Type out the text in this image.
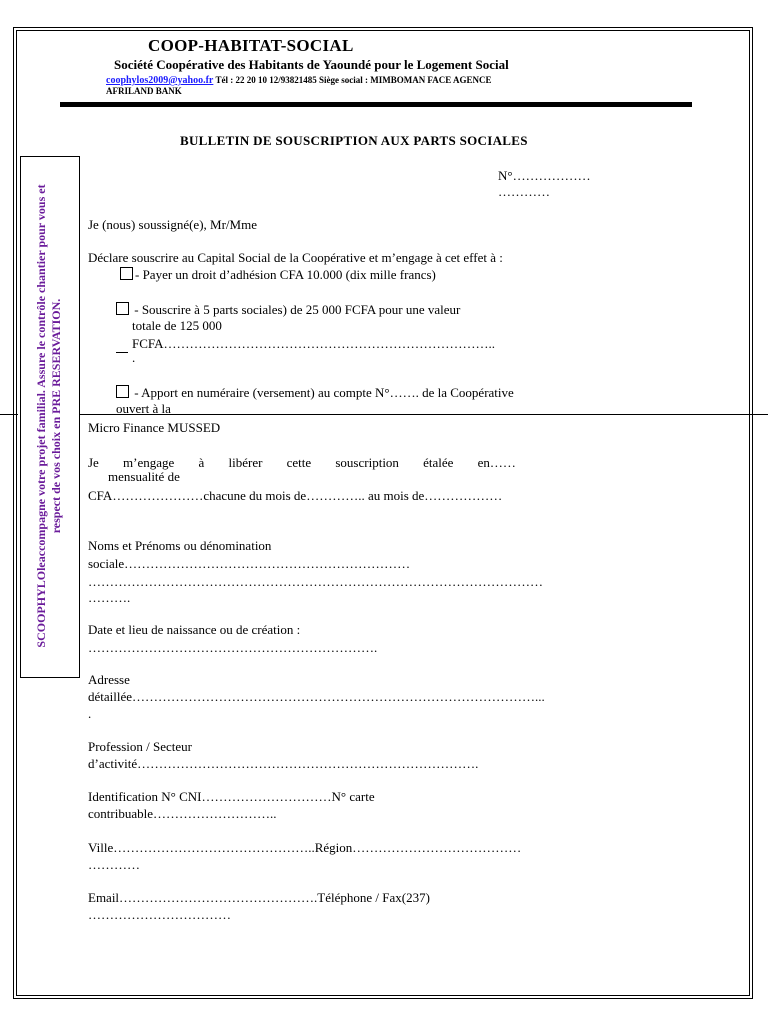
COOP-HABITAT-SOCIAL
Société Coopérative des Habitants de Yaoundé pour le Logement Social
coophylos2009@yahoo.fr Tél : 22 20 10 12/93821485 Siège social : MIMBOMAN FACE AGENCE
AFRILAND BANK
BULLETIN DE SOUSCRIPTION AUX PARTS SOCIALES
SCOOPHYLOleaccompagne votre projet familial. Assure le contrôle chantier pour vous et
respect de vos choix en PRE RESERVATION.
N°………………
…………
Je (nous) soussigné(e), Mr/Mme
Déclare souscrire au Capital Social de la Coopérative et m’engage à cet effet à :
- Payer un droit d’adhésion CFA 10.000 (dix mille francs)
- Souscrire à 5 parts sociales) de 25 000 FCFA pour une valeur
totale de 125 000
FCFA…………………………………………………………………..
.
- Apport en numéraire (versement) au compte N°……. de la Coopérative
ouvert à la
Micro Finance MUSSED
Je m’engage à libérer cette souscription étalée en……
mensualité de
CFA…………………chacune du mois de………….. au mois de………………
Noms et Prénoms ou dénomination
sociale…………………………………………………………
……………………………………………………………………………………………
……….
Date et lieu de naissance ou de création :
………………………………………………………….
Adresse
détaillée…………………………………………………………………………………...
.
Profession / Secteur
d’activité…………………………………………………………………….
Identification N° CNI…………………………N° carte
contribuable………………………..
Ville………………………………………..Région…………………………………
…………
Email……………………………………….Téléphone / Fax(237)
……………………………
